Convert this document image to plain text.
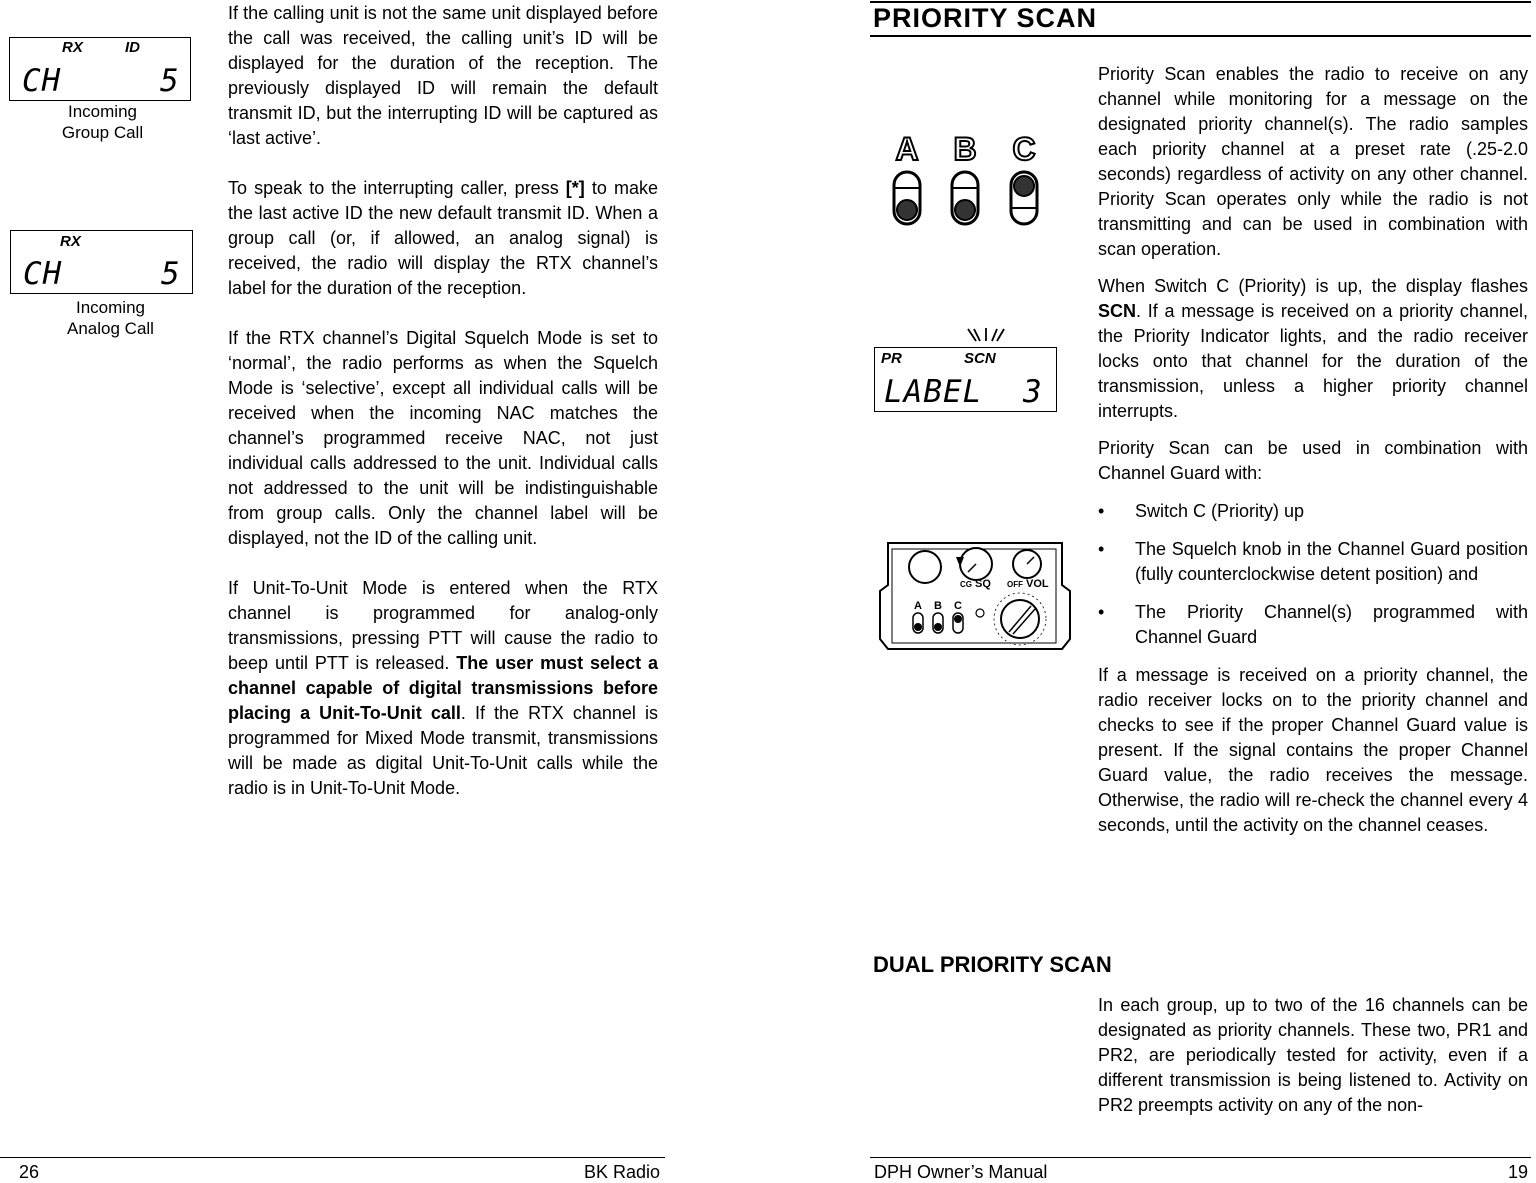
RX	ID
CH	5
Incoming
Group Call
RX
CH	5
Incoming
Analog Call

If the calling unit is not the same unit displayed before the call was received, the calling unit’s ID will be displayed for the duration of the reception. The previously displayed ID will remain the default transmit ID, but the interrupting ID will be captured as ‘last active’.

To speak to the interrupting caller, press [*] to make the last active ID the new default transmit ID. When a group call (or, if allowed, an analog signal) is received, the radio will display the RTX channel’s label for the duration of the reception.

If the RTX channel’s Digital Squelch Mode is set to ‘normal’, the radio performs as when the Squelch Mode is ‘selective’, except all individual calls will be received when the incoming NAC matches the channel’s programmed receive NAC, not just individual calls addressed to the unit. Individual calls not addressed to the unit will be indistinguishable from group calls. Only the channel label will be displayed, not the ID of the calling unit.

If Unit-To-Unit Mode is entered when the RTX channel is programmed for analog-only transmissions, pressing PTT will cause the radio to beep until PTT is released. The user must select a channel capable of digital transmissions before placing a Unit-To-Unit call. If the RTX channel is programmed for Mixed Mode transmit, transmissions will be made as digital Unit-To-Unit calls while the radio is in Unit-To-Unit Mode.

26	BK Radio
PRIORITY SCAN
A B C
PR	SCN
LABEL 3
CG SQ OFF VOL
A B C

Priority Scan enables the radio to receive on any channel while monitoring for a message on the designated priority channel(s). The radio samples each priority channel at a preset rate (.25-2.0 seconds) regardless of activity on any other channel. Priority Scan operates only while the radio is not transmitting and can be used in combination with scan operation.

When Switch C (Priority) is up, the display flashes SCN. If a message is received on a priority channel, the Priority Indicator lights, and the radio receiver locks onto that channel for the duration of the transmission, unless a higher priority channel interrupts.

Priority Scan can be used in combination with Channel Guard with:

• Switch C (Priority) up
• The Squelch knob in the Channel Guard position (fully counterclockwise detent position) and
• The Priority Channel(s) programmed with Channel Guard

If a message is received on a priority channel, the radio receiver locks on to the priority channel and checks to see if the proper Channel Guard value is present. If the signal contains the proper Channel Guard value, the radio receives the message. Otherwise, the radio will re-check the channel every 4 seconds, until the activity on the channel ceases.

DUAL PRIORITY SCAN

In each group, up to two of the 16 channels can be designated as priority channels. These two, PR1 and PR2, are periodically tested for activity, even if a different transmission is being listened to. Activity on PR2 preempts activity on any of the non-

DPH Owner’s Manual	19
